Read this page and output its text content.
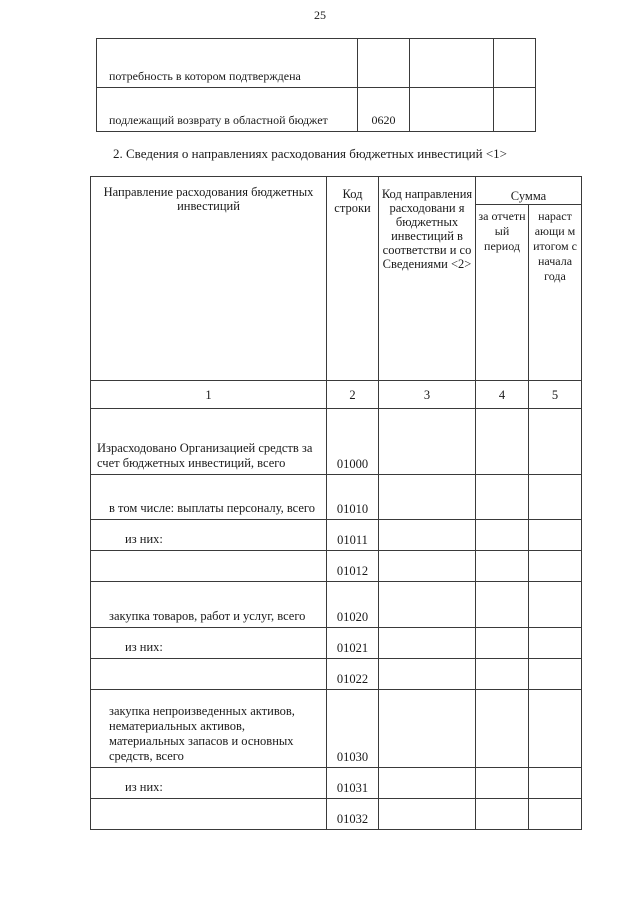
25
потребность в котором подтверждена			
подлежащий возврату в областной бюджет	0620		
2. Сведения о направлениях расходования бюджетных инвестиций <1>
Направление расходования бюджетных инвестиций	Код строки	Код направления расходовани я бюджетных инвестиций в соответстви и со Сведениями <2>	Сумма	
			за отчетн ый период	нараст ающи м итогом с начала года
1	2	3	4	5
Израсходовано Организацией средств за счет бюджетных инвестиций, всего	01000			
в том числе: выплаты персоналу, всего	01010			
из них:	01011			
	01012			
закупка товаров, работ и услуг, всего	01020			
из них:	01021			
	01022			
закупка непроизведенных активов, нематериальных активов, материальных запасов и основных средств, всего	01030			
из них:	01031			
	01032			
